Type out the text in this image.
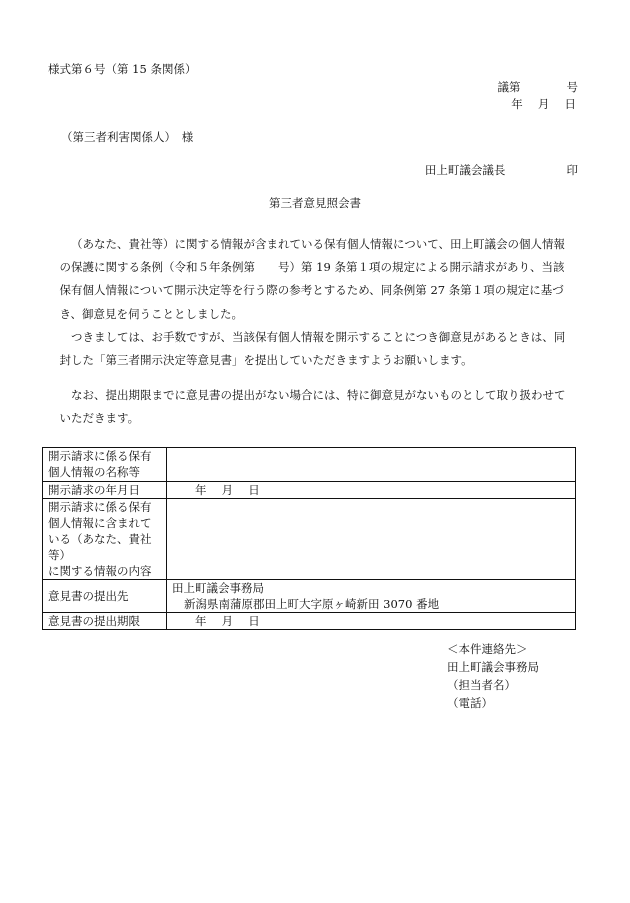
様式第６号（第 15 条関係）
議第　　　　号
年　 月　 日
（第三者利害関係人）　様
田上町議会議長　　　　　 印
第三者意見照会書
（あなた、貴社等）に関する情報が含まれている保有個人情報について、田上町議会の個人情報
の保護に関する条例（令和５年条例第　　号）第 19 条第１項の規定による開示請求があり、当該
保有個人情報について開示決定等を行う際の参考とするため、同条例第 27 条第１項の規定に基づ
き、御意見を伺うこととしました。
つきましては、お手数ですが、当該保有個人情報を開示することにつき御意見があるときは、同
封した「第三者開示決定等意見書」を提出していただきますようお願いします。
なお、提出期限までに意見書の提出がない場合には、特に御意見がないものとして取り扱わせて
いただきます。
開示請求に係る保有
個人情報の名称等	

開示請求の年月日	年　 月　 日

開示請求に係る保有
個人情報に含まれて
いる（あなた、貴社
等）
に関する情報の内容	

意見書の提出先	田上町議会事務局
新潟県南蒲原郡田上町大字原ヶ崎新田 3070 番地

意見書の提出期限	年　 月　 日
＜本件連絡先＞
田上町議会事務局
（担当者名）
（電話）
